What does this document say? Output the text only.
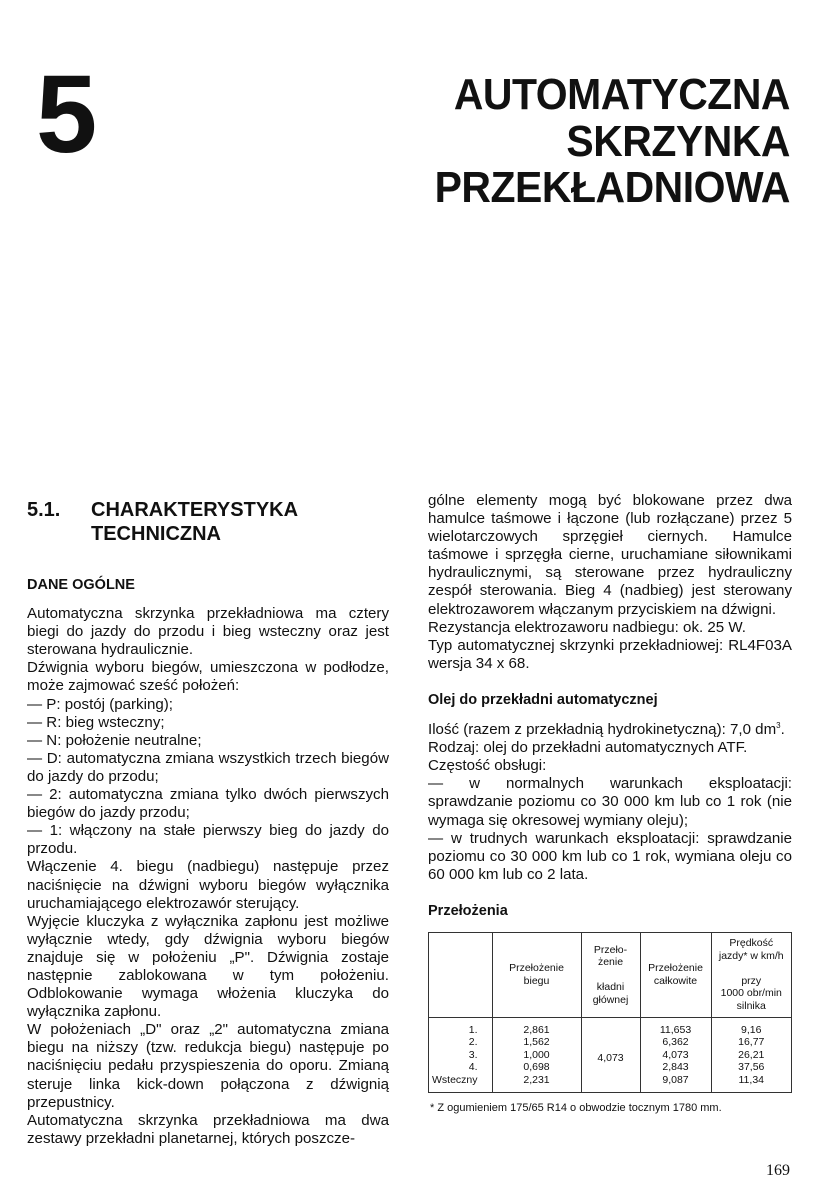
5	AUTOMATYCZNA
SKRZYNKA
PRZEKŁADNIOWA
5.1.	CHARAKTERYSTYKA
TECHNICZNA
DANE OGÓLNE

Automatyczna skrzynka przekładniowa ma cztery biegi do jazdy do przodu i bieg wsteczny oraz jest sterowana hydraulicznie.

Dźwignia wyboru biegów, umieszczona w podłodze, może zajmować sześć położeń:

— P: postój (parking);

— R: bieg wsteczny;

— N: położenie neutralne;

— D: automatyczna zmiana wszystkich trzech biegów do jazdy do przodu;

— 2: automatyczna zmiana tylko dwóch pierwszych biegów do jazdy przodu;

— 1: włączony na stałe pierwszy bieg do jazdy do przodu.

Włączenie 4. biegu (nadbiegu) następuje przez naciśnięcie na dźwigni wyboru biegów wyłącznika uruchamiającego elektrozawór sterujący.

Wyjęcie kluczyka z wyłącznika zapłonu jest możliwe wyłącznie wtedy, gdy dźwignia wyboru biegów znajduje się w położeniu „P". Dźwignia zostaje następnie zablokowana w tym położeniu. Odblokowanie wymaga włożenia kluczyka do wyłącznika zapłonu.

W położeniach „D" oraz „2" automatyczna zmiana biegu na niższy (tzw. redukcja biegu) następuje po naciśnięciu pedału przyspieszenia do oporu. Zmianą steruje linka kick-down połączona z dźwignią przepustnicy.

Automatyczna skrzynka przekładniowa ma dwa zestawy przekładni planetarnej, których poszcze-

gólne elementy mogą być blokowane przez dwa hamulce taśmowe i łączone (lub rozłączane) przez 5 wielotarczowych sprzęgieł ciernych. Hamulce taśmowe i sprzęgła cierne, uruchamiane siłownikami hydraulicznymi, są sterowane przez hydrauliczny zespół sterowania. Bieg 4 (nadbieg) jest sterowany elektrozaworem włączanym przyciskiem na dźwigni.

Rezystancja elektrozaworu nadbiegu: ok. 25 W.

Typ automatycznej skrzynki przekładniowej: RL4F03A wersja 34 x 68.

Olej do przekładni automatycznej

Ilość (razem z przekładnią hydrokinetyczną): 7,0 $dm^3$.

Rodzaj: olej do przekładni automatycznych ATF.

Częstość obsługi:

— w normalnych warunkach eksploatacji: sprawdzanie poziomu co 30 000 km lub co 1 rok (nie wymaga się okresowej wymiany oleju);

— w trudnych warunkach eksploatacji: sprawdzanie poziomu co 30 000 km lub co 1 rok, wymiana oleju co 60 000 km lub co 2 lata.

Przełożenia
	Przełożenie biegu	Przeło-
żenie

kładni
głównej	Przełożenie całkowite	Prędkość jazdy* w km/h

przy
1000 obr/min silnika
1.	2,861	4,073	11,653	9,16
2.	1,562		6,362	16,77
3.	1,000		4,073	26,21
4.	0,698		2,843	37,56
Wsteczny	2,231		9,087	11,34
* Z ogumieniem 175/65 R14 o obwodzie tocznym 1780 mm.
169
